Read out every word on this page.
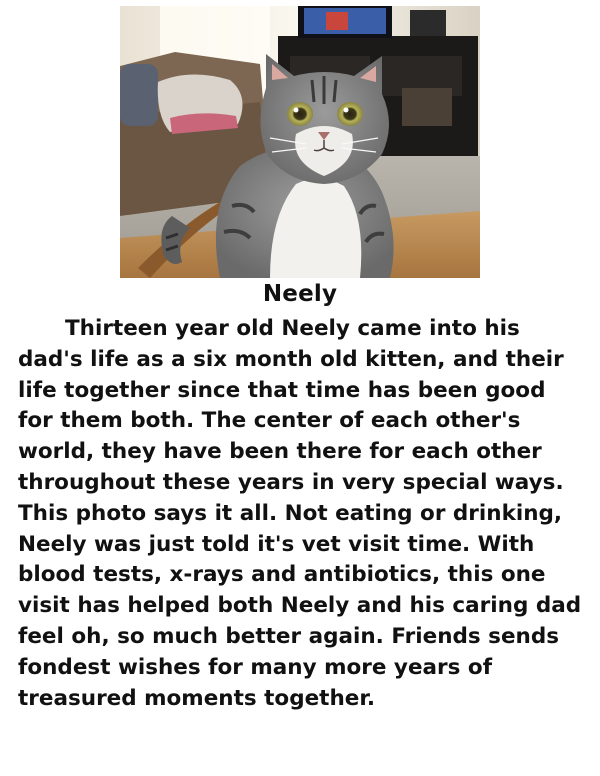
Neely
Thirteen year old Neely came into his
dad's life as a six month old kitten, and their
life together since that time has been good
for them both. The center of each other's
world, they have been there for each other
throughout these years in very special ways.
This photo says it all. Not eating or drinking,
Neely was just told it's vet visit time. With
blood tests, x-rays and antibiotics, this one
visit has helped both Neely and his caring dad
feel oh, so much better again. Friends sends
fondest wishes for many more years of
treasured moments together.
